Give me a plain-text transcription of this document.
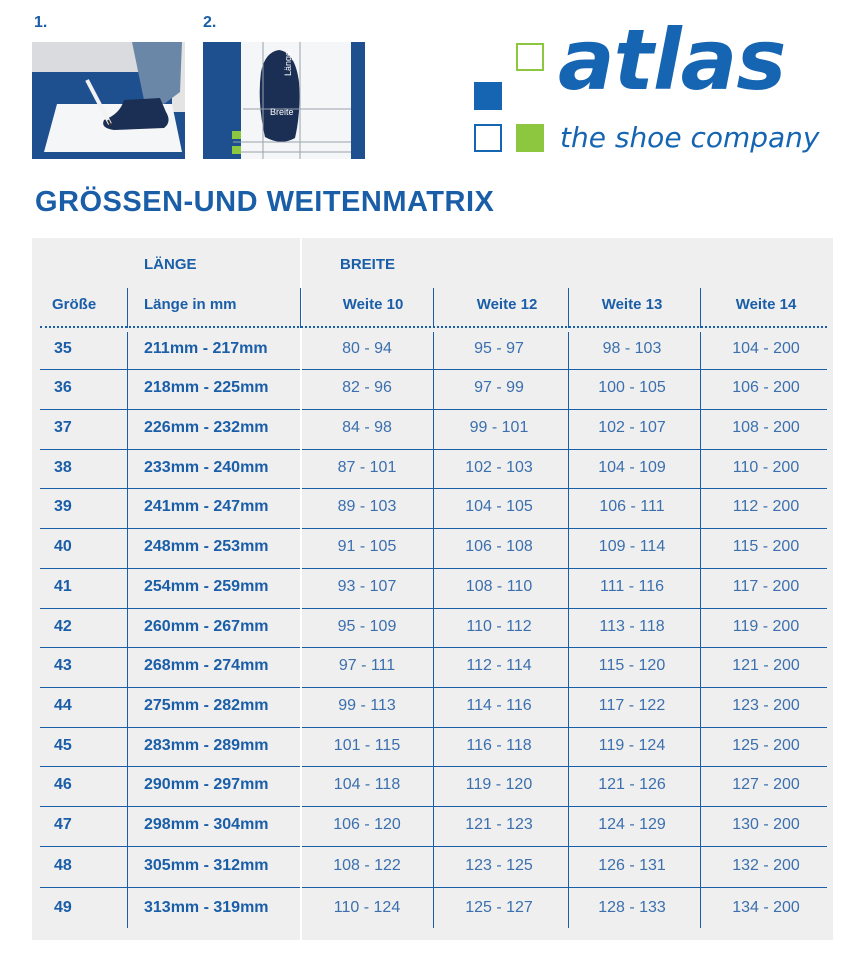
1.	2.
Länge
Breite
atlas
the shoe company
GRÖSSEN-UND WEITENMATRIX
LÄNGE	BREITE
Größe	Länge in mm	Weite 10	Weite 12	Weite 13	Weite 14
35	211mm - 217mm	80 - 94	95 - 97	98 - 103	104 - 200
36	218mm - 225mm	82 - 96	97 - 99	100 - 105	106 - 200
37	226mm - 232mm	84 - 98	99 - 101	102 - 107	108 - 200
38	233mm - 240mm	87 - 101	102 - 103	104 - 109	110 - 200
39	241mm - 247mm	89 - 103	104 - 105	106 - 111	112 - 200
40	248mm - 253mm	91 - 105	106 - 108	109 - 114	115 - 200
41	254mm - 259mm	93 - 107	108 - 110	111 - 116	117 - 200
42	260mm - 267mm	95 - 109	110 - 112	113 - 118	119 - 200
43	268mm - 274mm	97 - 111	112 - 114	115 - 120	121 - 200
44	275mm - 282mm	99 - 113	114 - 116	117 - 122	123 - 200
45	283mm - 289mm	101 - 115	116 - 118	119 - 124	125 - 200
46	290mm - 297mm	104 - 118	119 - 120	121 - 126	127 - 200
47	298mm - 304mm	106 - 120	121 - 123	124 - 129	130 - 200
48	305mm - 312mm	108 - 122	123 - 125	126 - 131	132 - 200
49	313mm - 319mm	110 - 124	125 - 127	128 - 133	134 - 200
